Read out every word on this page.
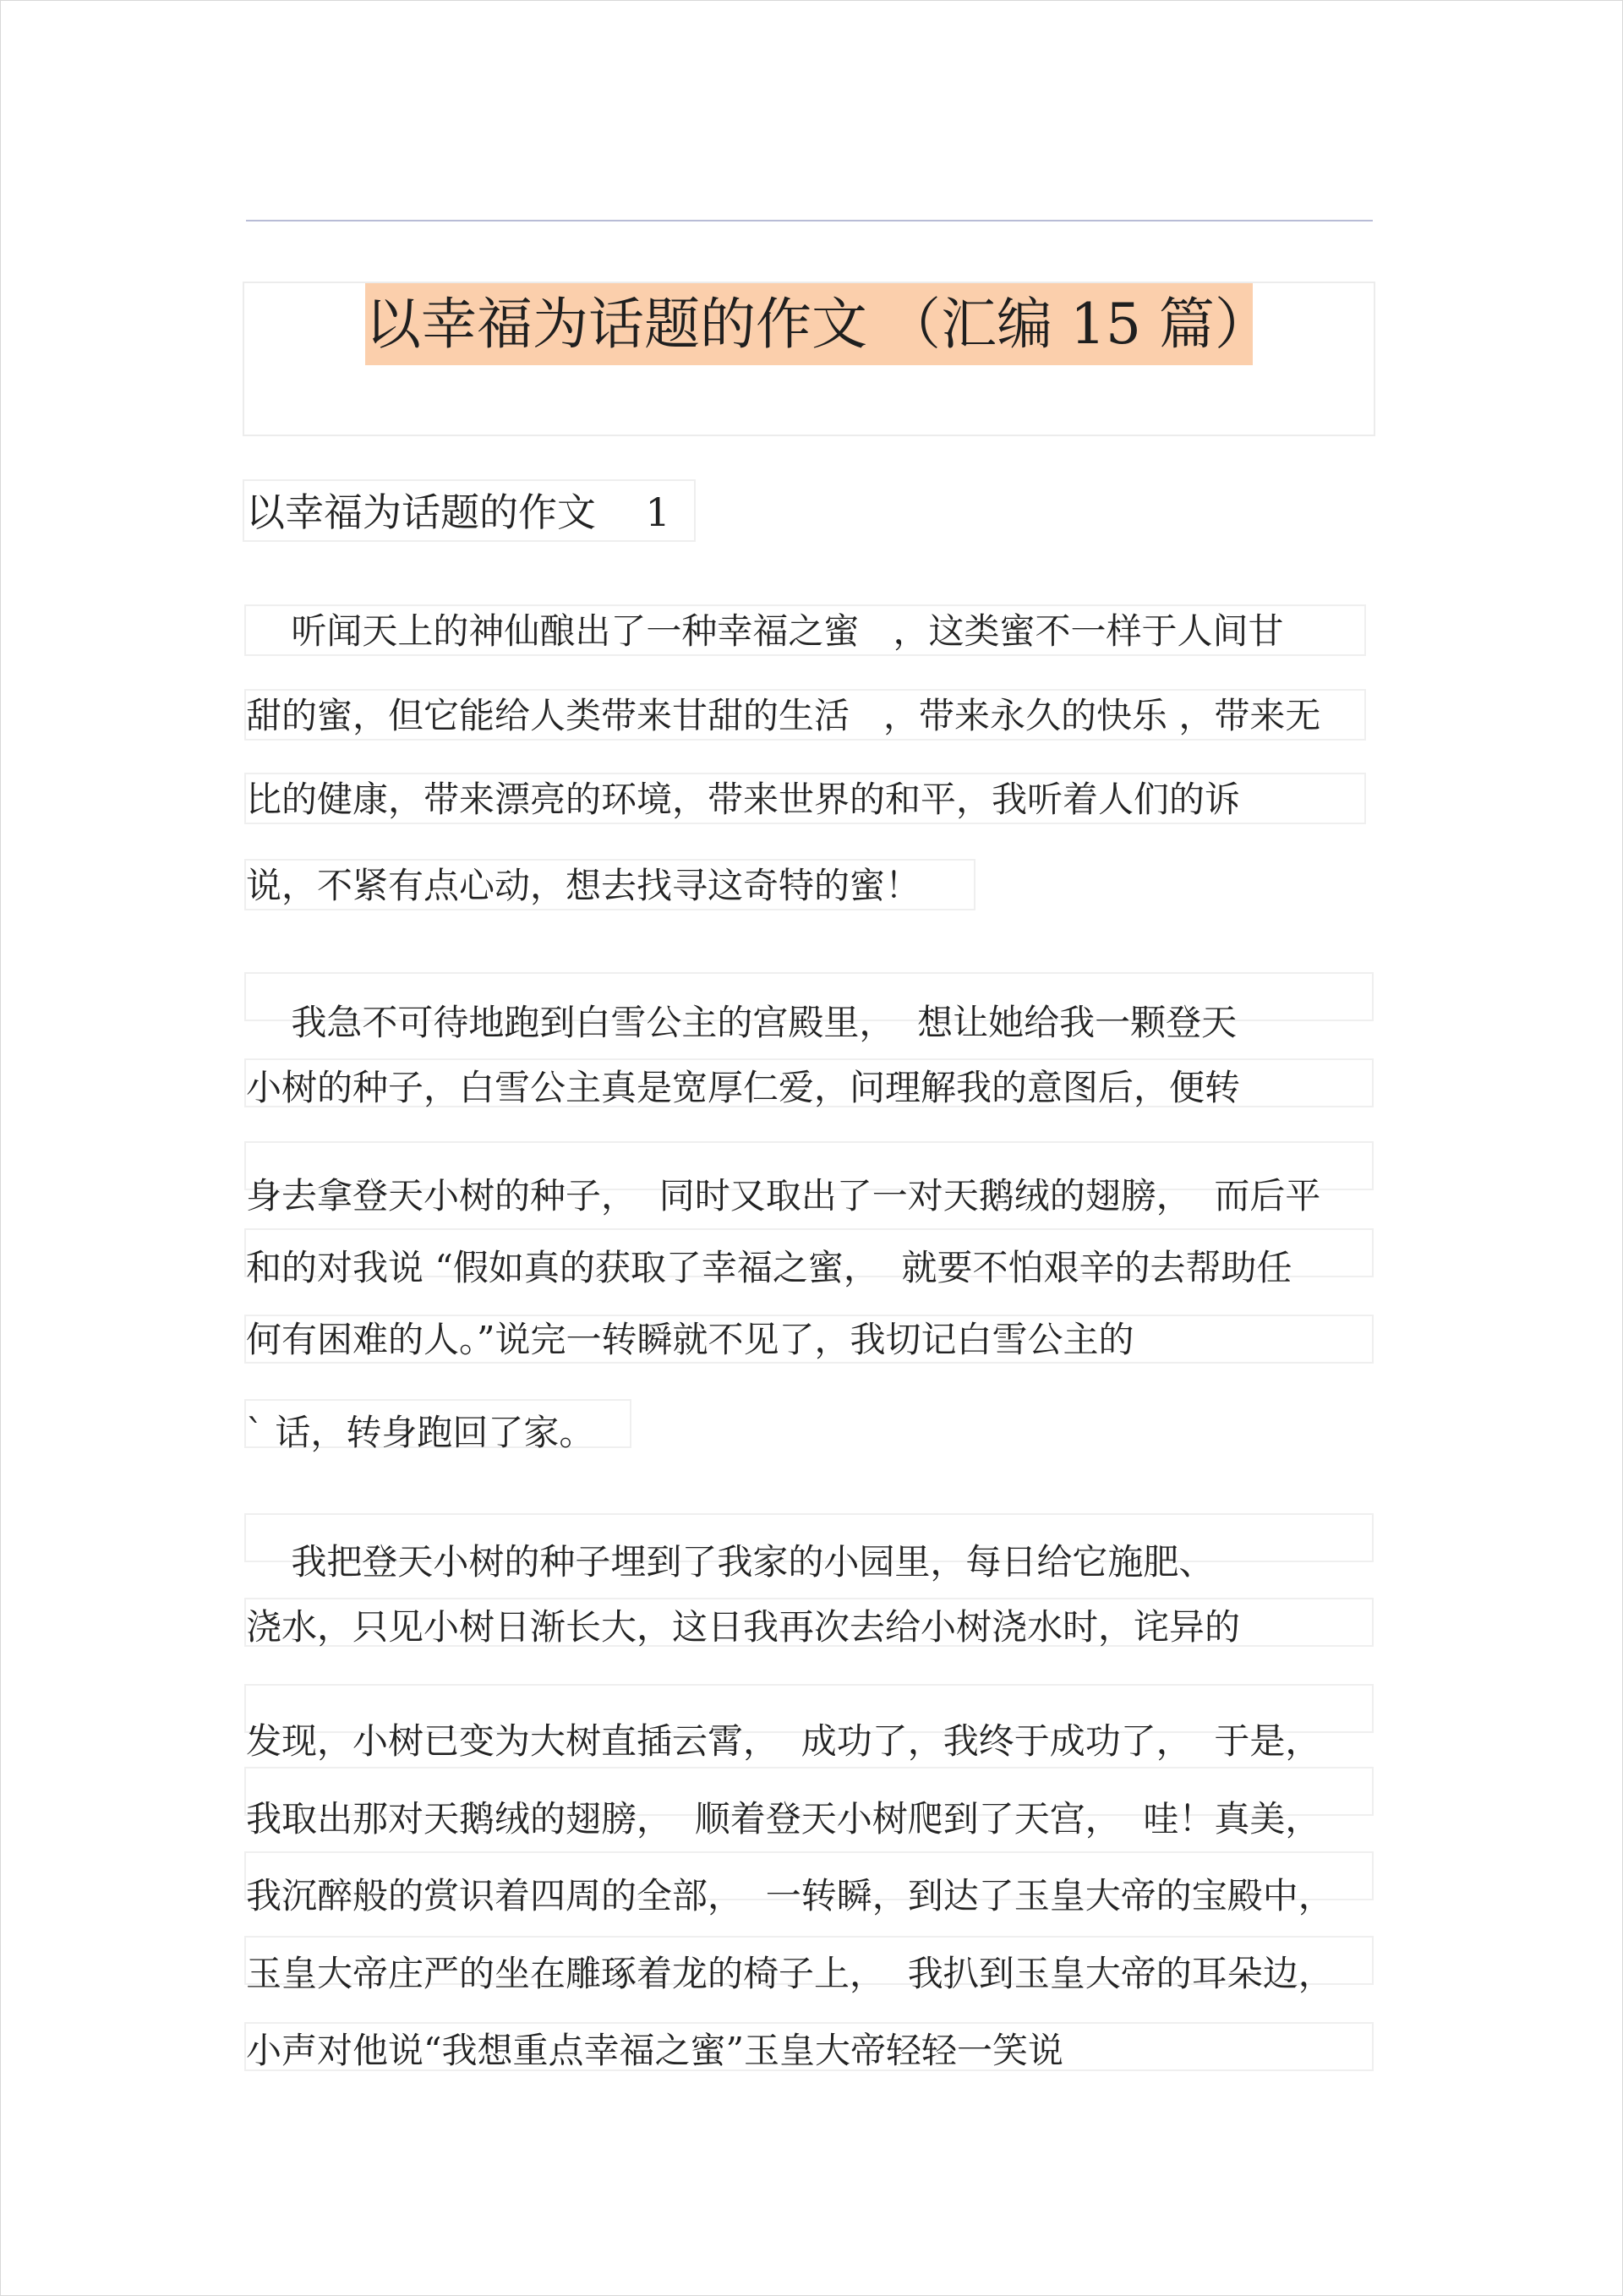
以幸福为话题的作文 （汇编 15 篇）
以幸福为话题的作文    1
听闻天上的神仙酿出了一种幸福之蜜   ，这类蜜不一样于人间甘
甜的蜜，但它能给人类带来甘甜的生活   ，带来永久的快乐 ，带来无
比的健康，带来漂亮的环境，带来世界的和平，我听着人们的诉
说，不紧有点心动，想去找寻这奇特的蜜！
我急不可待地跑到白雪公主的宫殿里，  想让她给我一颗登天
小树的种子，白雪公主真是宽厚仁爱，问理解我的意图后，便转
身去拿登天小树的种子，  同时又取出了一对天鹅绒的翅膀，  而后平
和的对我说 “假如真的获取了幸福之蜜，  就要不怕艰辛的去帮助任
何有困难的人。”说完一转瞬就不见了，我切记白雪公主的
` 话，转身跑回了家。
我把登天小树的种子埋到了我家的小园里，每日给它施肥、
浇水，只见小树日渐长大，这日我再次去给小树浇水时，诧异的
发现，小树已变为大树直插云霄，  成功了，我终于成功了，  于是，
我取出那对天鹅绒的翅膀，  顺着登天小树爬到了天宫，  哇！真美，
我沉醉般的赏识着四周的全部，  一转瞬，到达了玉皇大帝的宝殿中，
玉皇大帝庄严的坐在雕琢着龙的椅子上，  我扒到玉皇大帝的耳朵边，
小声对他说“我想重点幸福之蜜”玉皇大帝轻轻一笑说
